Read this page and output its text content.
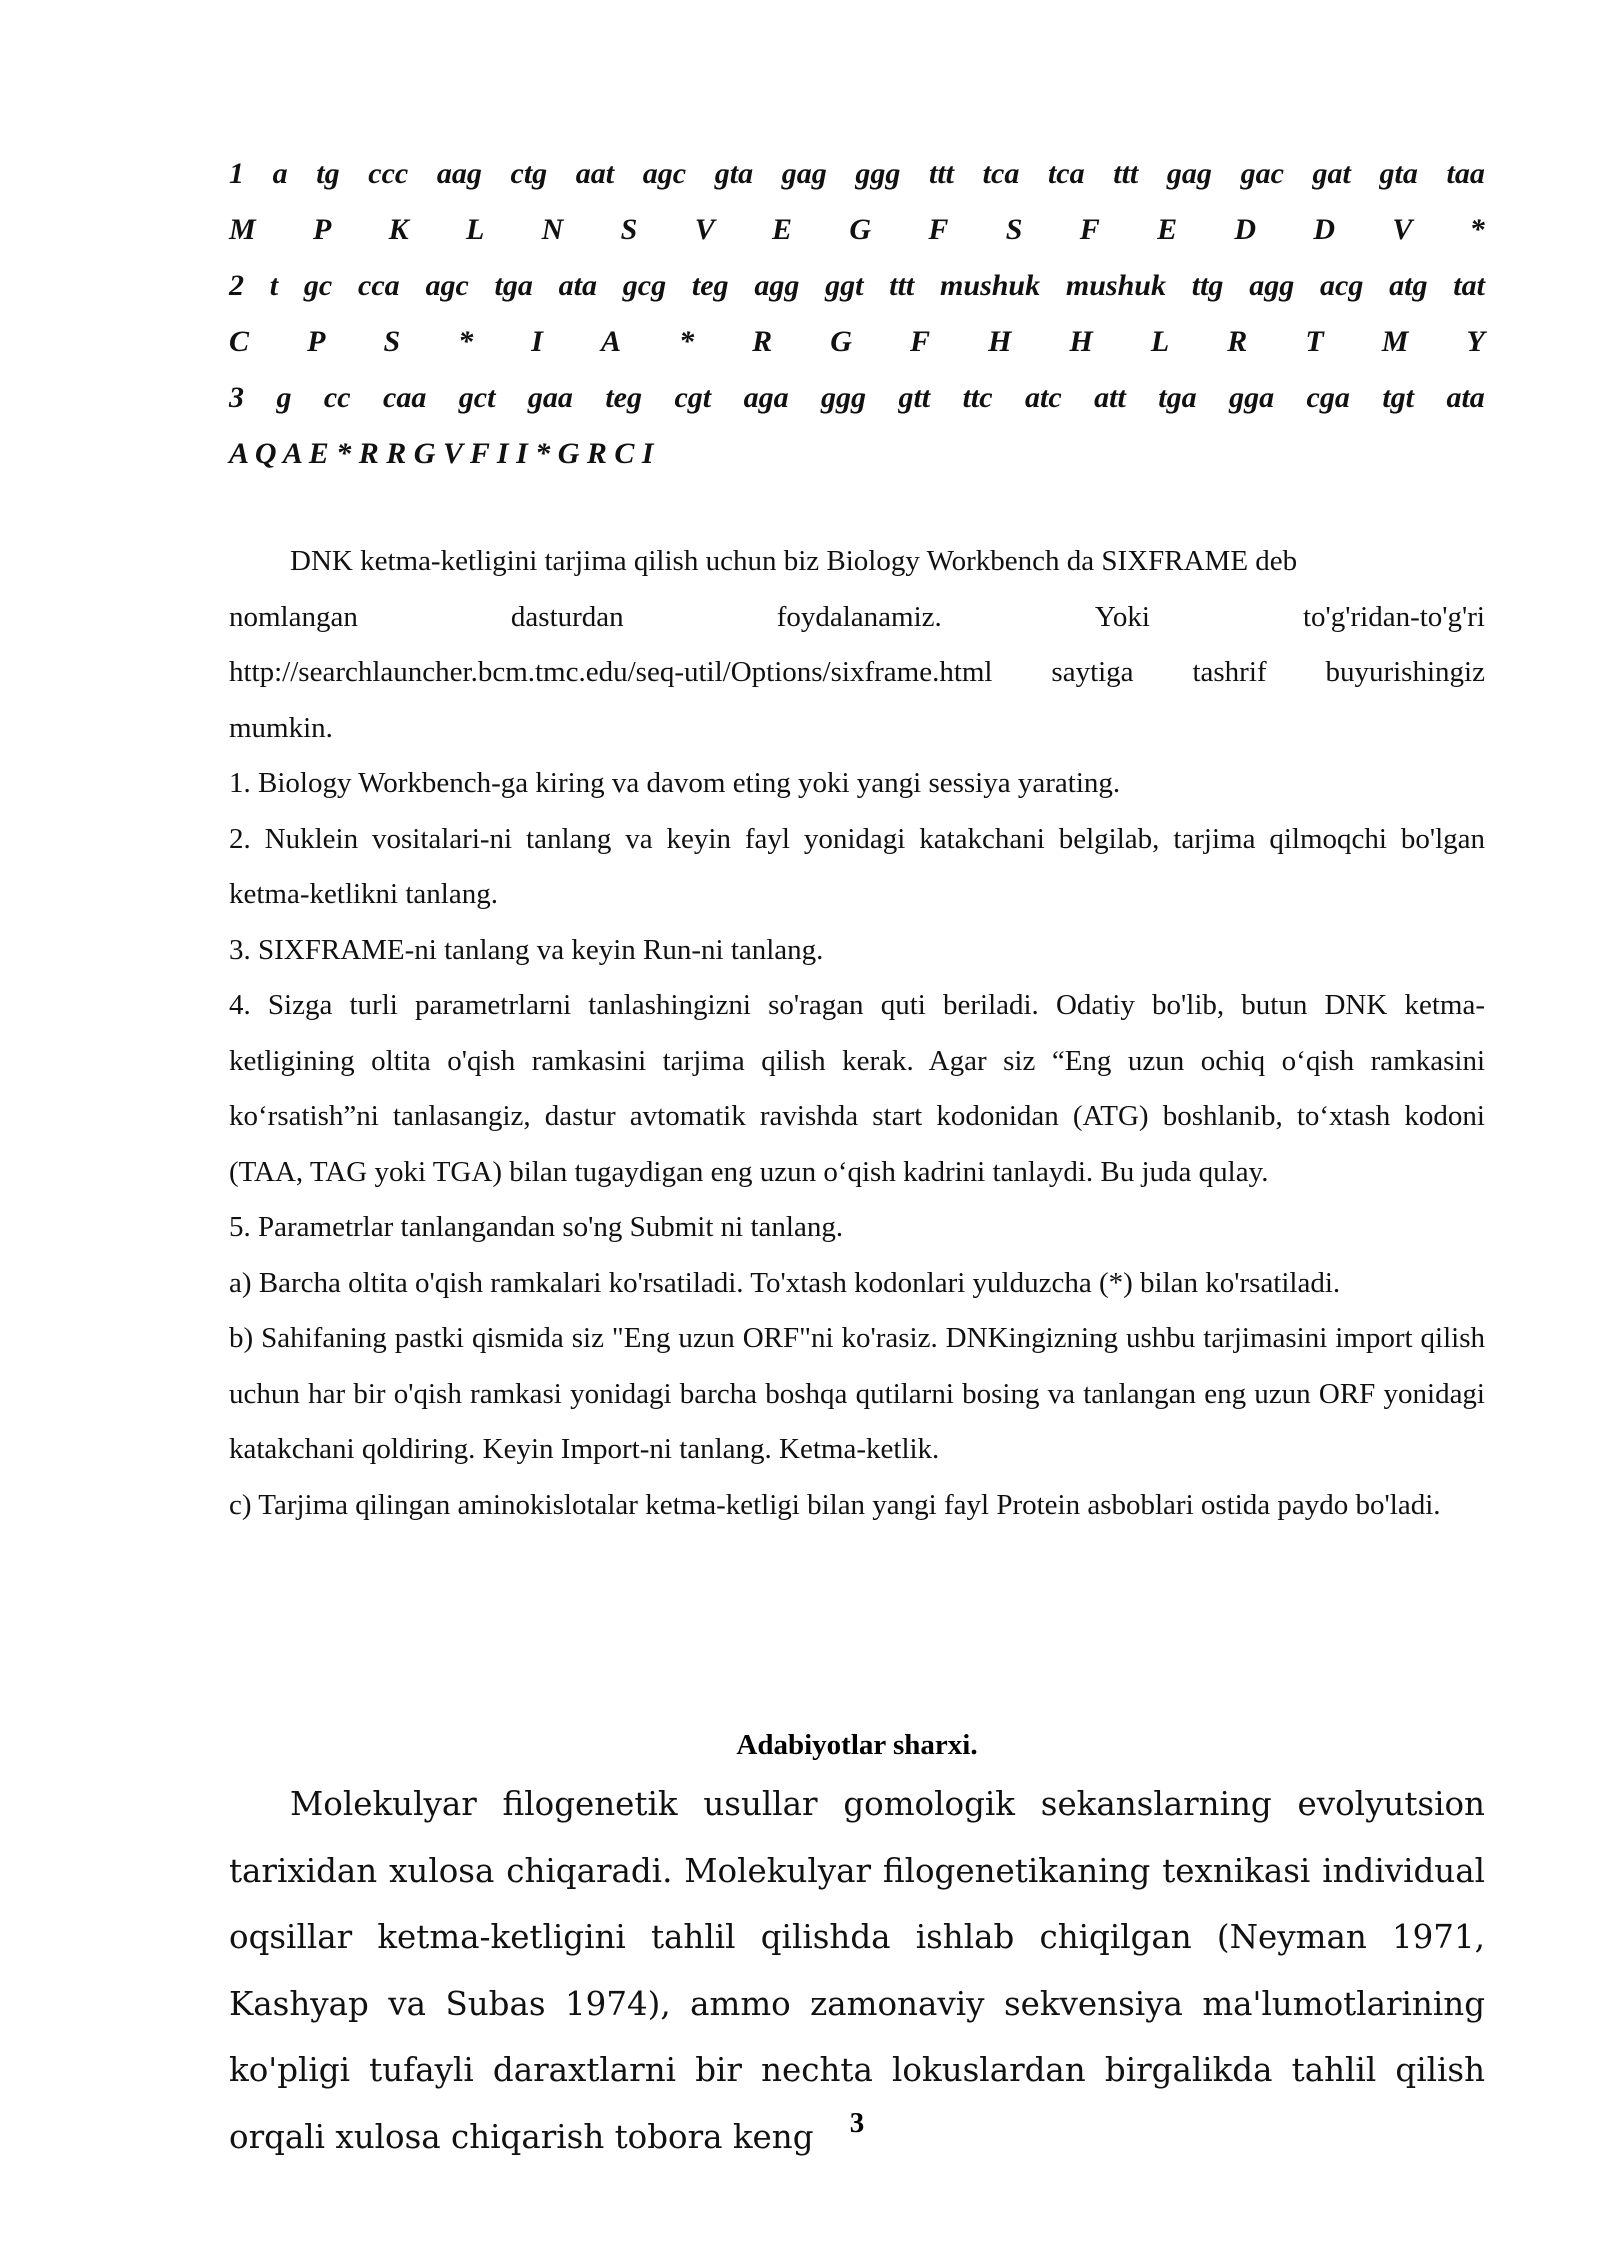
1 a tg ccc aag ctg aat agc gta gag ggg ttt tca tca ttt gag gac gat gta taa
M P K L N S V E G F S F E D D V *
2 t gc cca agc tga ata gcg teg agg ggt ttt mushuk mushuk ttg agg acg atg tat
C P S * I A * R G F H H L R T M Y
3 g cc caa gct gaa teg cgt aga ggg gtt ttc atc att tga gga cga tgt ata
A Q A E * R R G V F I I * G R C I

DNK ketma-ketligini tarjima qilish uchun biz Biology Workbench da SIXFRAME deb

nomlangan	dasturdan	foydalanamiz.	Yoki	to'g'ridan-to'g'ri
http://searchlauncher.bcm.tmc.edu/seq-util/Options/sixframe.html saytiga tashrif buyurishingiz

mumkin.

1. Biology Workbench-ga kiring va davom eting yoki yangi sessiya yarating.

2. Nuklein vositalari-ni tanlang va keyin fayl yonidagi katakchani belgilab, tarjima qilmoqchi bo'lgan ketma-ketlikni tanlang.

3. SIXFRAME-ni tanlang va keyin Run-ni tanlang.

4. Sizga turli parametrlarni tanlashingizni so'ragan quti beriladi. Odatiy bo'lib, butun DNK ketma-ketligining oltita o'qish ramkasini tarjima qilish kerak. Agar siz “Eng uzun ochiq o‘qish ramkasini ko‘rsatish”ni tanlasangiz, dastur avtomatik ravishda start kodonidan (ATG) boshlanib, to‘xtash kodoni (TAA, TAG yoki TGA) bilan tugaydigan eng uzun o‘qish kadrini tanlaydi. Bu juda qulay.

5. Parametrlar tanlangandan so'ng Submit ni tanlang.

a) Barcha oltita o'qish ramkalari ko'rsatiladi. To'xtash kodonlari yulduzcha (*) bilan ko'rsatiladi.

b) Sahifaning pastki qismida siz "Eng uzun ORF"ni ko'rasiz. DNKingizning ushbu tarjimasini import qilish uchun har bir o'qish ramkasi yonidagi barcha boshqa qutilarni bosing va tanlangan eng uzun ORF yonidagi katakchani qoldiring. Keyin Import-ni tanlang. Ketma-ketlik.

c) Tarjima qilingan aminokislotalar ketma-ketligi bilan yangi fayl Protein asboblari ostida paydo bo'ladi.

Adabiyotlar sharxi.

Molekulyar filogenetik usullar gomologik sekanslarning evolyutsion tarixidan xulosa chiqaradi. Molekulyar filogenetikaning texnikasi individual oqsillar ketma-ketligini tahlil qilishda ishlab chiqilgan (Neyman 1971, Kashyap va Subas 1974), ammo zamonaviy sekvensiya ma'lumotlarining ko'pligi tufayli daraxtlarni bir nechta lokuslardan birgalikda tahlil qilish orqali xulosa chiqarish tobora keng	3
